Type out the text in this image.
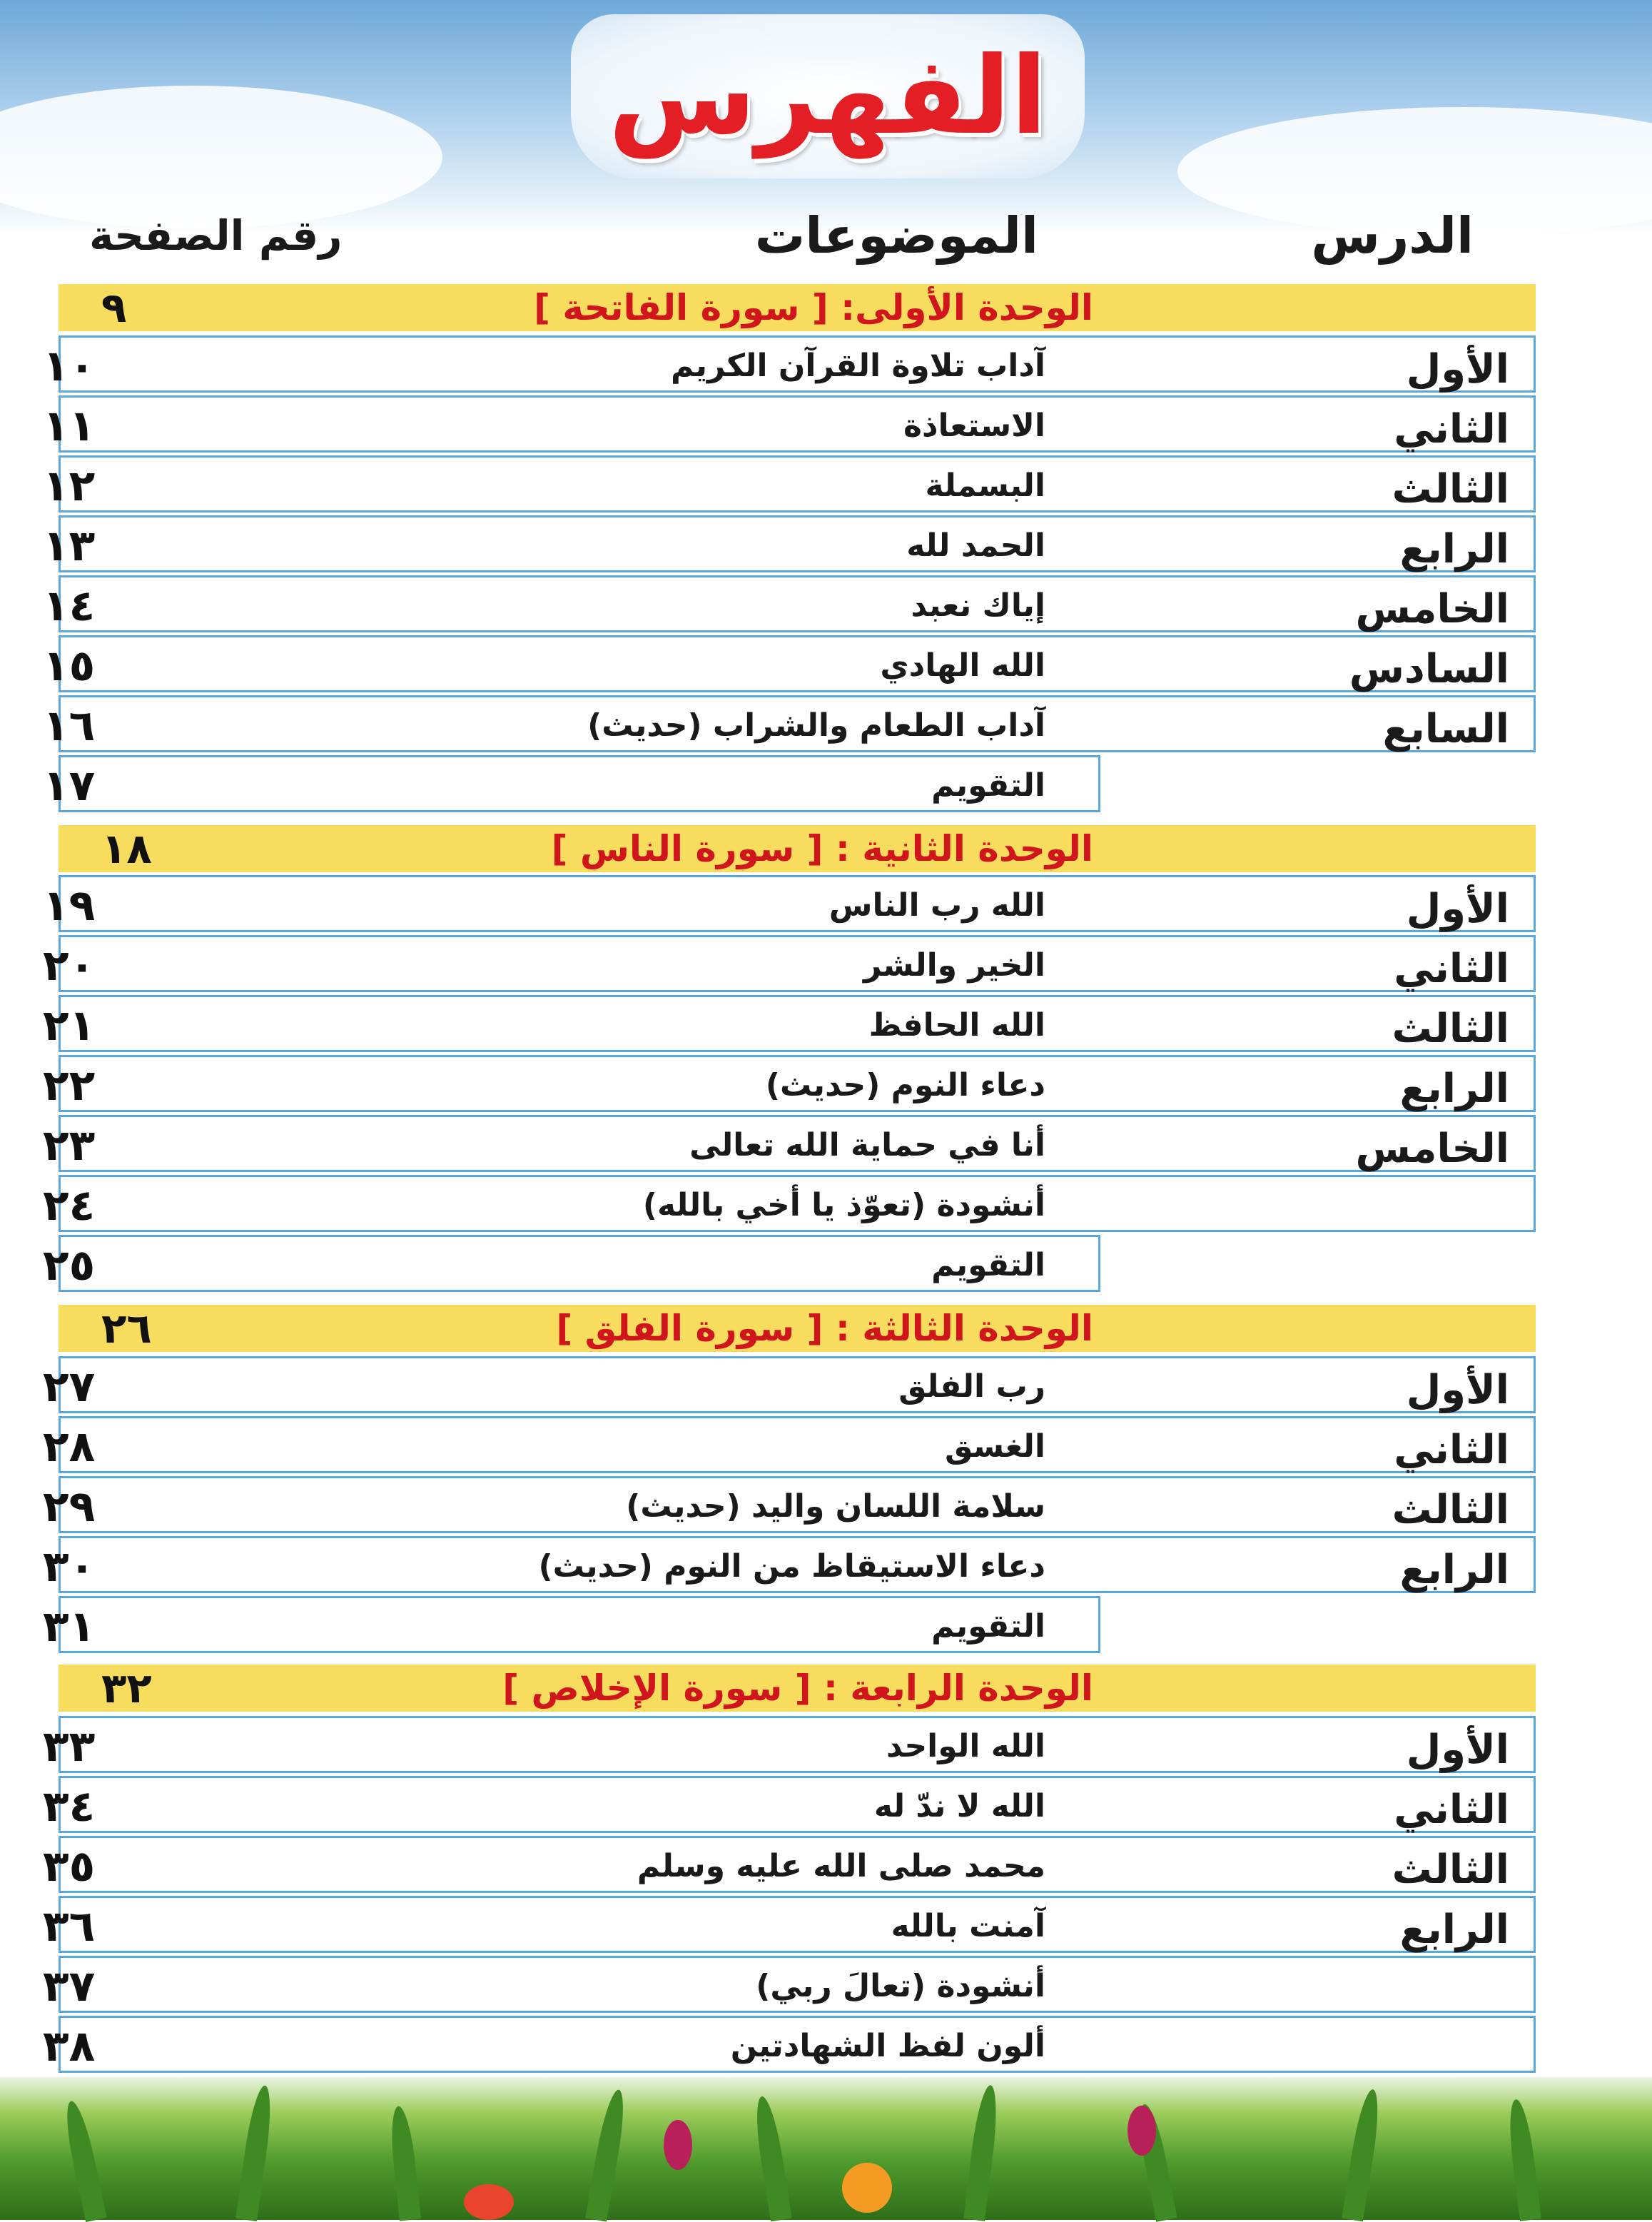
الفهرس
الدرس
الموضوعات
رقم الصفحة
الوحدة الأولى: [ سورة الفاتحة ]
٩
الأول
آداب تلاوة القرآن الكريم
١٠
الثاني
الاستعاذة
١١
الثالث
البسملة
١٢
الرابع
الحمد لله
١٣
الخامس
إياك نعبد
١٤
السادس
الله الهادي
١٥
السابع
آداب الطعام والشراب (حديث)
١٦
التقويم
١٧
الوحدة الثانية : [ سورة الناس ]
١٨
الأول
الله رب الناس
١٩
الثاني
الخير والشر
٢٠
الثالث
الله الحافظ
٢١
الرابع
دعاء النوم (حديث)
٢٢
الخامس
أنا في حماية الله تعالى
٢٣
أنشودة (تعوّذ يا أخي بالله)
٢٤
التقويم
٢٥
الوحدة الثالثة : [ سورة الفلق ]
٢٦
الأول
رب الفلق
٢٧
الثاني
الغسق
٢٨
الثالث
سلامة اللسان واليد (حديث)
٢٩
الرابع
دعاء الاستيقاظ من النوم (حديث)
٣٠
التقويم
٣١
الوحدة الرابعة : [ سورة الإخلاص ]
٣٢
الأول
الله الواحد
٣٣
الثاني
الله لا ندّ له
٣٤
الثالث
محمد صلى الله عليه وسلم
٣٥
الرابع
آمنت بالله
٣٦
أنشودة (تعالَ ربي)
٣٧
ألون لفظ الشهادتين
٣٨
